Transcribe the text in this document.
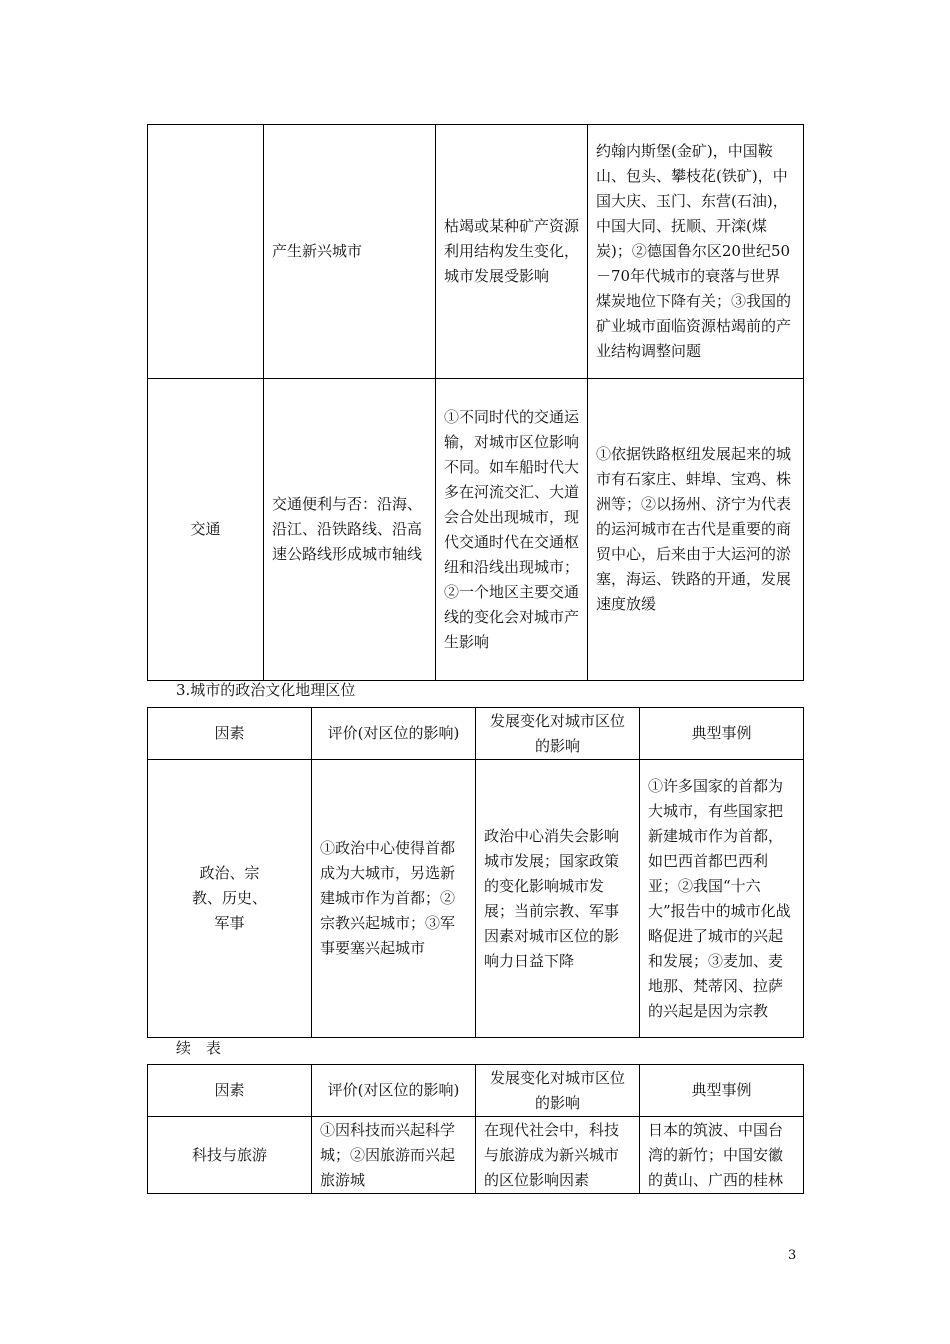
	产生新兴城市	枯竭或某种矿产资源利用结构发生变化，城市发展受影响	约翰内斯堡(金矿)，中国鞍山、包头、攀枝花(铁矿)，中国大庆、玉门、东营(石油)，中国大同、抚顺、开滦(煤炭)；②德国鲁尔区20世纪50－70年代城市的衰落与世界煤炭地位下降有关；③我国的矿业城市面临资源枯竭前的产业结构调整问题
交通	交通便利与否：沿海、沿江、沿铁路线、沿高速公路线形成城市轴线	①不同时代的交通运输，对城市区位影响不同。如车船时代大多在河流交汇、大道会合处出现城市，现代交通时代在交通枢纽和沿线出现城市；②一个地区主要交通线的变化会对城市产生影响	①依据铁路枢纽发展起来的城市有石家庄、蚌埠、宝鸡、株洲等；②以扬州、济宁为代表的运河城市在古代是重要的商贸中心，后来由于大运河的淤塞，海运、铁路的开通，发展速度放缓
3.城市的政治文化地理区位
因素	评价(对区位的影响)	发展变化对城市区位的影响	典型事例
政治、宗教、历史、军事	①政治中心使得首都成为大城市，另选新建城市作为首都；②宗教兴起城市；③军事要塞兴起城市	政治中心消失会影响城市发展；国家政策的变化影响城市发展；当前宗教、军事因素对城市区位的影响力日益下降	①许多国家的首都为大城市，有些国家把新建城市作为首都，如巴西首都巴西利亚；②我国“十六大”报告中的城市化战略促进了城市的兴起和发展；③麦加、麦地那、梵蒂冈、拉萨的兴起是因为宗教
续　表
因素	评价(对区位的影响)	发展变化对城市区位的影响	典型事例
科技与旅游	①因科技而兴起科学城；②因旅游而兴起旅游城	在现代社会中，科技与旅游成为新兴城市的区位影响因素	日本的筑波、中国台湾的新竹；中国安徽的黄山、广西的桂林
3
